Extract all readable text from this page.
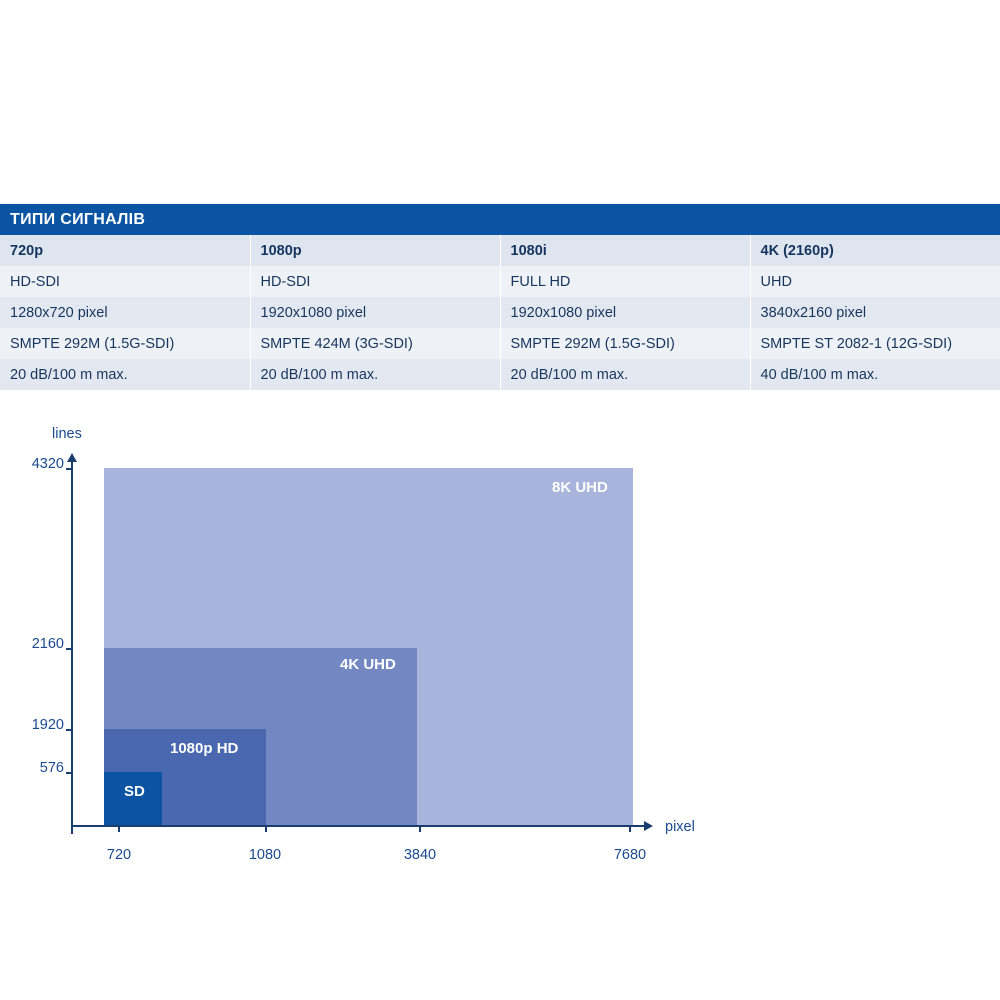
ТИПИ СИГНАЛІВ
720p	1080p	1080i	4K (2160p)
HD-SDI	HD-SDI	FULL HD	UHD
1280x720 pixel	1920x1080 pixel	1920x1080 pixel	3840x2160 pixel
SMPTE 292M (1.5G-SDI)	SMPTE 424M (3G-SDI)	SMPTE 292M (1.5G-SDI)	SMPTE ST 2082-1 (12G-SDI)
20 dB/100 m max.	20 dB/100 m max.	20 dB/100 m max.	40 dB/100 m max.
lines
pixel
4320
2160
1920
576
8K UHD
4K UHD
1080p HD
SD
720	1080	3840	7680
